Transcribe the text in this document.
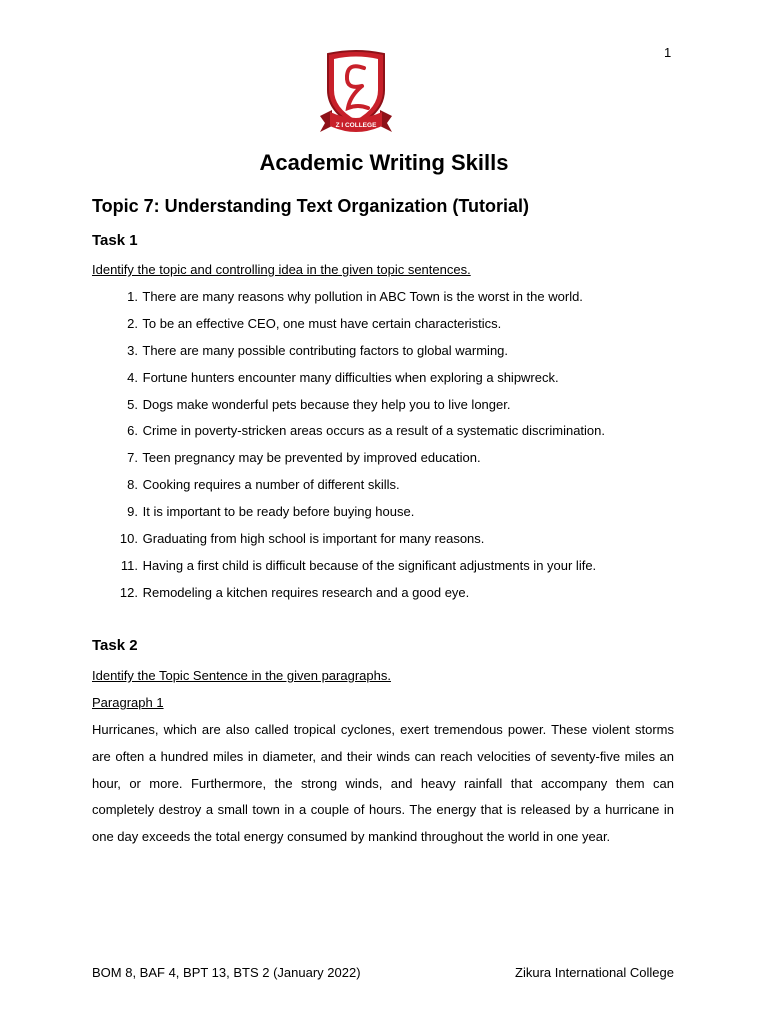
1
Z I COLLEGE
Academic Writing Skills
Topic 7: Understanding Text Organization (Tutorial)
Task 1

Identify the topic and controlling idea in the given topic sentences.

1. There are many reasons why pollution in ABC Town is the worst in the world.
2. To be an effective CEO, one must have certain characteristics.
3. There are many possible contributing factors to global warming.
4. Fortune hunters encounter many difficulties when exploring a shipwreck.
5. Dogs make wonderful pets because they help you to live longer.
6. Crime in poverty-stricken areas occurs as a result of a systematic discrimination.
7. Teen pregnancy may be prevented by improved education.
8. Cooking requires a number of different skills.
9. It is important to be ready before buying house.
10. Graduating from high school is important for many reasons.
11. Having a first child is difficult because of the significant adjustments in your life.
12. Remodeling a kitchen requires research and a good eye.
Task 2

Identify the Topic Sentence in the given paragraphs.

Paragraph 1

Hurricanes, which are also called tropical cyclones, exert tremendous power. These violent storms are often a hundred miles in diameter, and their winds can reach velocities of seventy-five miles an hour, or more. Furthermore, the strong winds, and heavy rainfall that accompany them can completely destroy a small town in a couple of hours. The energy that is released by a hurricane in one day exceeds the total energy consumed by mankind throughout the world in one year.

BOM 8, BAF 4, BPT 13, BTS 2 (January 2022)	Zikura International College
